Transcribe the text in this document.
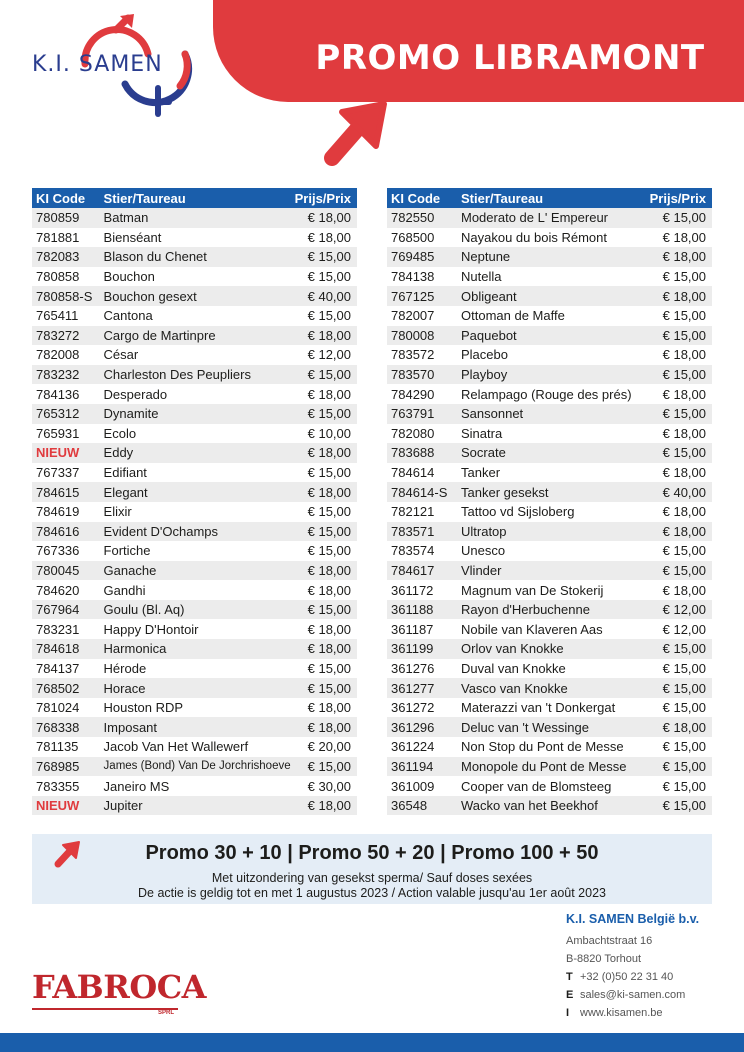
PROMO LIBRAMONT
K.I. SAMEN
KI Code	Stier/Taureau	Prijs/Prix
780859	Batman	€ 18,00
781881	Bienséant	€ 18,00
782083	Blason du Chenet	€ 15,00
780858	Bouchon	€ 15,00
780858-S	Bouchon gesext	€ 40,00
765411	Cantona	€ 15,00
783272	Cargo de Martinpre	€ 18,00
782008	César	€ 12,00
783232	Charleston Des Peupliers	€ 15,00
784136	Desperado	€ 18,00
765312	Dynamite	€ 15,00
765931	Ecolo	€ 10,00
NIEUW	Eddy	€ 18,00
767337	Edifiant	€ 15,00
784615	Elegant	€ 18,00
784619	Elixir	€ 15,00
784616	Evident D'Ochamps	€ 15,00
767336	Fortiche	€ 15,00
780045	Ganache	€ 18,00
784620	Gandhi	€ 18,00
767964	Goulu (Bl. Aq)	€ 15,00
783231	Happy D'Hontoir	€ 18,00
784618	Harmonica	€ 18,00
784137	Hérode	€ 15,00
768502	Horace	€ 15,00
781024	Houston RDP	€ 18,00
768338	Imposant	€ 18,00
781135	Jacob Van Het Wallewerf	€ 20,00
768985	James (Bond) Van De Jorchrishoeve	€ 15,00
783355	Janeiro MS	€ 30,00
NIEUW	Jupiter	€ 18,00
KI Code	Stier/Taureau	Prijs/Prix
782550	Moderato de L' Empereur	€ 15,00
768500	Nayakou du bois Rémont	€ 18,00
769485	Neptune	€ 18,00
784138	Nutella	€ 15,00
767125	Obligeant	€ 18,00
782007	Ottoman de Maffe	€ 15,00
780008	Paquebot	€ 15,00
783572	Placebo	€ 18,00
783570	Playboy	€ 15,00
784290	Relampago (Rouge des prés)	€ 18,00
763791	Sansonnet	€ 15,00
782080	Sinatra	€ 18,00
783688	Socrate	€ 15,00
784614	Tanker	€ 18,00
784614-S	Tanker gesekst	€ 40,00
782121	Tattoo vd Sijsloberg	€ 18,00
783571	Ultratop	€ 18,00
783574	Unesco	€ 15,00
784617	Vlinder	€ 15,00
361172	Magnum van De Stokerij	€ 18,00
361188	Rayon d'Herbuchenne	€ 12,00
361187	Nobile van Klaveren Aas	€ 12,00
361199	Orlov van Knokke	€ 15,00
361276	Duval van Knokke	€ 15,00
361277	Vasco van Knokke	€ 15,00
361272	Materazzi van 't Donkergat	€ 15,00
361296	Deluc van 't Wessinge	€ 18,00
361224	Non Stop du Pont de Messe	€ 15,00
361194	Monopole du Pont de Messe	€ 15,00
361009	Cooper van de Blomsteeg	€ 15,00
36548	Wacko van het Beekhof	€ 15,00
Promo 30 + 10 | Promo 50 + 20 | Promo 100 + 50
Met uitzondering van gesekst sperma/ Sauf doses sexées
De actie is geldig tot en met 1 augustus 2023 / Action valable jusqu'au 1er août 2023
FABROCA
SPRL
K.I. SAMEN België b.v.
Ambachtstraat 16
B-8820 Torhout
T +32 (0)50 22 31 40
E sales@ki-samen.com
I www.kisamen.be
